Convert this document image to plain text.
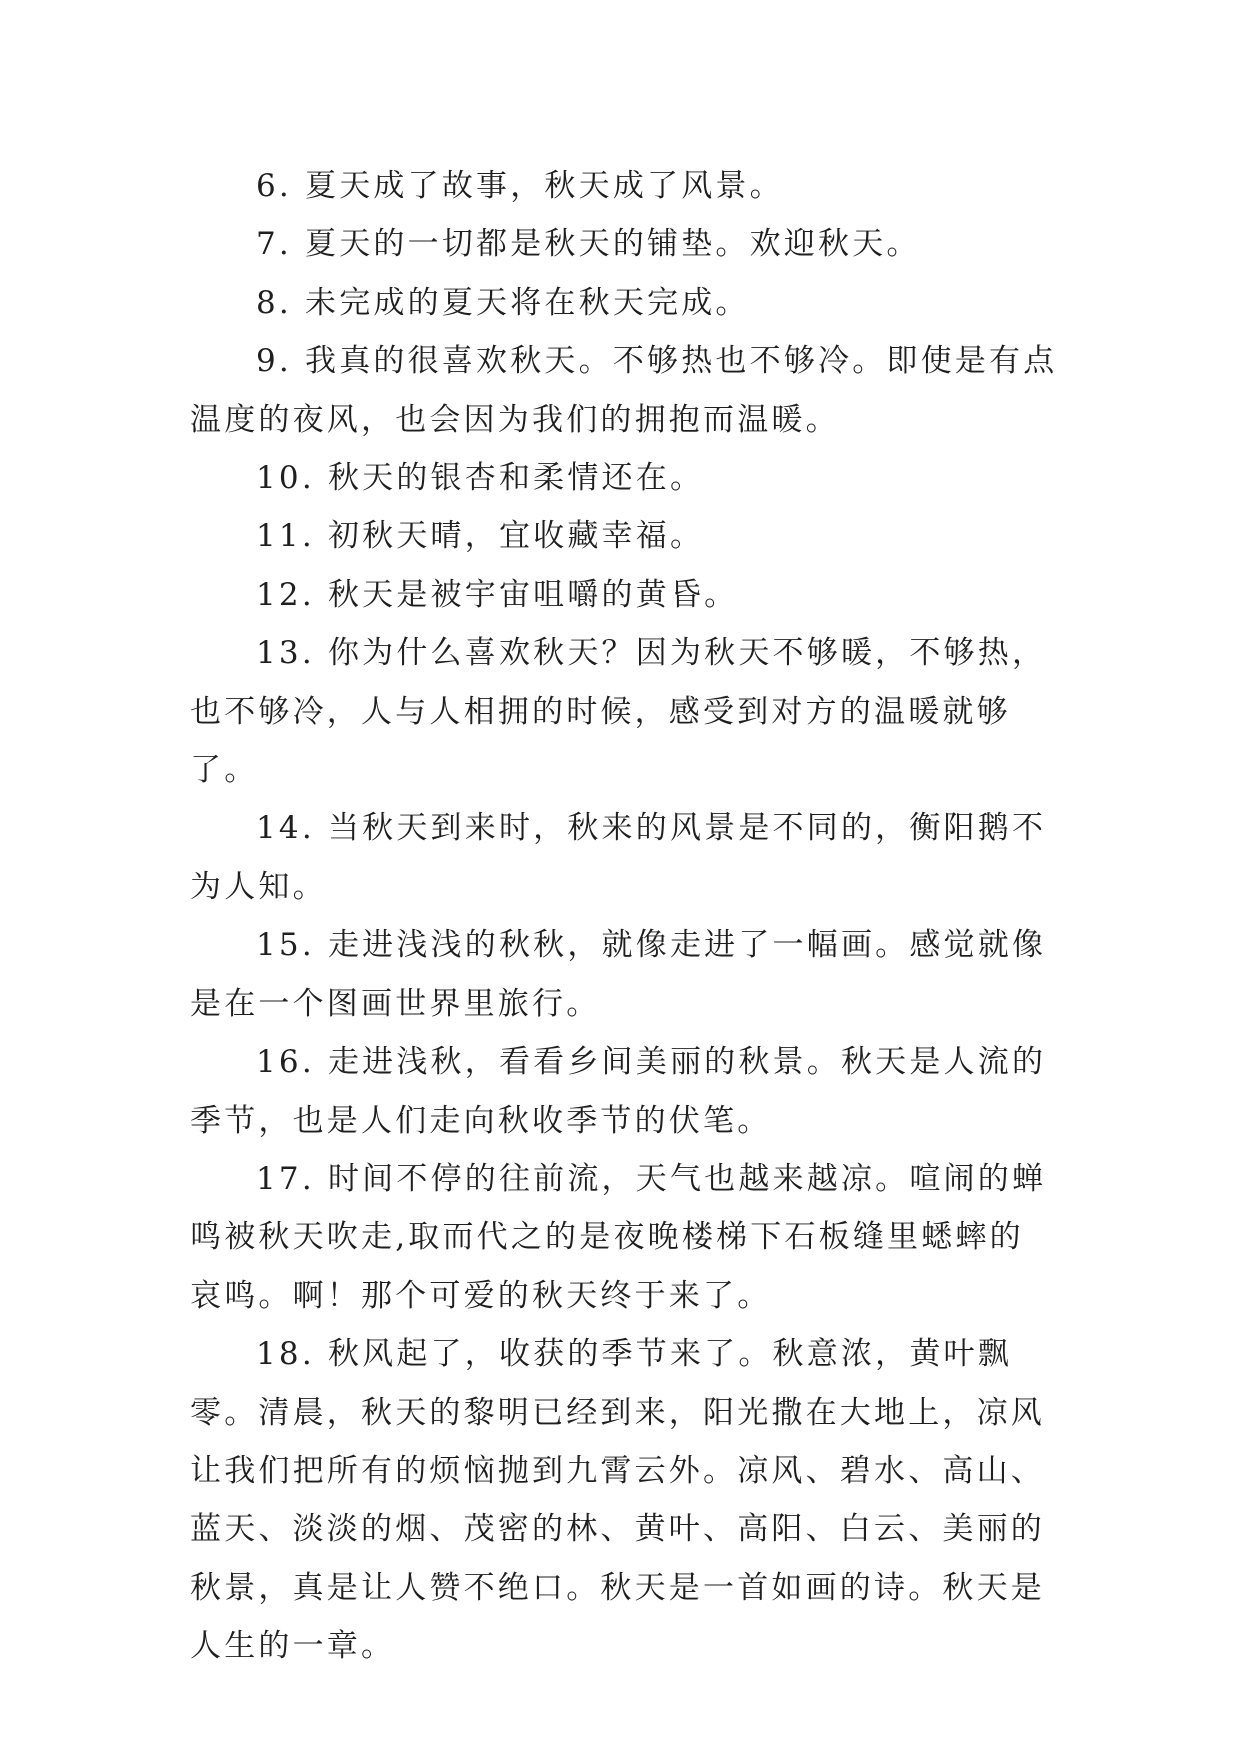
6. 夏天成了故事，秋天成了风景。

7. 夏天的一切都是秋天的铺垫。欢迎秋天。

8. 未完成的夏天将在秋天完成。

9. 我真的很喜欢秋天。不够热也不够冷。即使是有点温度的夜风，也会因为我们的拥抱而温暖。

10. 秋天的银杏和柔情还在。

11. 初秋天晴，宜收藏幸福。

12. 秋天是被宇宙咀嚼的黄昏。

13. 你为什么喜欢秋天？因为秋天不够暖，不够热，也不够冷，人与人相拥的时候，感受到对方的温暖就够了。

14. 当秋天到来时，秋来的风景是不同的，衡阳鹅不为人知。

15. 走进浅浅的秋秋，就像走进了一幅画。感觉就像是在一个图画世界里旅行。

16. 走进浅秋，看看乡间美丽的秋景。秋天是人流的季节，也是人们走向秋收季节的伏笔。

17. 时间不停的往前流，天气也越来越凉。喧闹的蝉鸣被秋天吹走,取而代之的是夜晚楼梯下石板缝里蟋蟀的哀鸣。啊！那个可爱的秋天终于来了。

18. 秋风起了，收获的季节来了。秋意浓，黄叶飘零。清晨，秋天的黎明已经到来，阳光撒在大地上，凉风让我们把所有的烦恼抛到九霄云外。凉风、碧水、高山、蓝天、淡淡的烟、茂密的林、黄叶、高阳、白云、美丽的秋景，真是让人赞不绝口。秋天是一首如画的诗。秋天是人生的一章。
